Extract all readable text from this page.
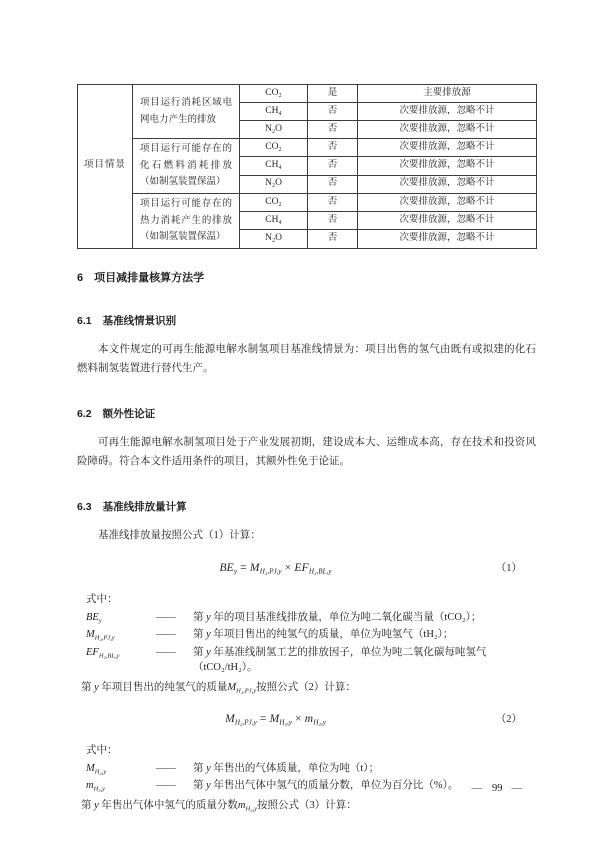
项目情景	项目运行消耗区域电网电力产生的排放	CO₂	是	主要排放源
		CH₄	否	次要排放源，忽略不计
		N₂O	否	次要排放源，忽略不计
	项目运行可能存在的化石燃料消耗排放（如制氢装置保温）	CO₂	否	次要排放源，忽略不计
		CH₄	否	次要排放源，忽略不计
		N₂O	否	次要排放源，忽略不计
	项目运行可能存在的热力消耗产生的排放（如制氢装置保温）	CO₂	否	次要排放源，忽略不计
		CH₄	否	次要排放源，忽略不计
		N₂O	否	次要排放源，忽略不计
6 项目减排量核算方法学
6.1 基准线情景识别

本文件规定的可再生能源电解水制氢项目基准线情景为：项目出售的氢气由既有或拟建的化石燃料制氢装置进行替代生产。

6.2 额外性论证

可再生能源电解水制氢项目处于产业发展初期，建设成本大、运维成本高，存在技术和投资风险障碍。符合本文件适用条件的项目，其额外性免于论证。

6.3 基准线排放量计算

基准线排放量按照公式（1）计算：

$BE_y = M_{H_2,PJ,y} \times EF_{H_2,BL,y}$	（1）
式中：
$BE_y$	——	第 y 年的项目基准线排放量，单位为吨二氧化碳当量（tCO₂）；
$M_{H_2,PJ,y}$	——	第 y 年项目售出的纯氢气的质量，单位为吨氢气（tH₂）；
$EF_{H_2,BL,y}$	——	第 y 年基准线制氢工艺的排放因子，单位为吨二氧化碳每吨氢气
（tCO₂/tH₂）。

第 y 年项目售出的纯氢气的质量$M_{H_2,PJ,y}$按照公式（2）计算：

$M_{H_2,PJ,y} = M_{H_2,y} \times m_{H_2,y}$	（2）
式中：
$M_{H_2,y}$	——	第 y 年售出的气体质量，单位为吨（t）；
$m_{H_2,y}$	——	第 y 年售出气体中氢气的质量分数，单位为百分比（%）。

第 y 年售出气体中氢气的质量分数$m_{H_2,y}$按照公式（3）计算：

— 99 —
